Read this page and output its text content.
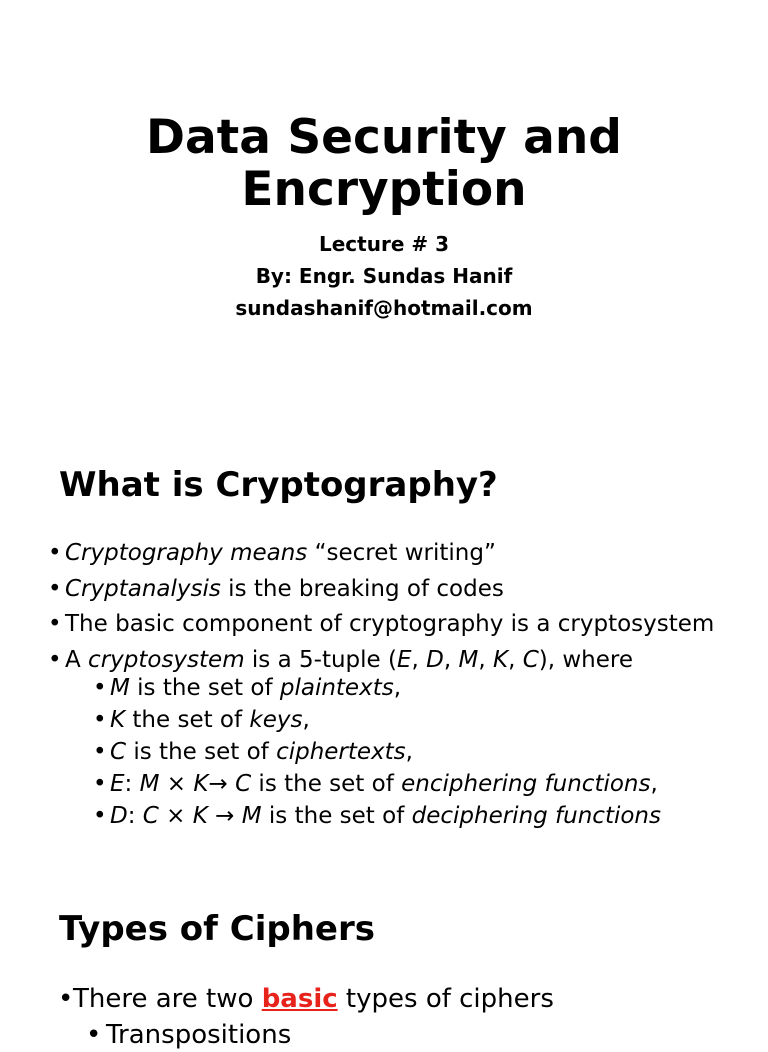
Data Security and
Encryption
Lecture # 3
By: Engr. Sundas Hanif
sundashanif@hotmail.com
What is Cryptography?
• Cryptography means “secret writing”
• Cryptanalysis is the breaking of codes
• The basic component of cryptography is a cryptosystem
• A cryptosystem is a 5-tuple (E, D, M, K, C), where
• M is the set of plaintexts,
• K the set of keys,
• C is the set of ciphertexts,
• E: M × K→ C is the set of enciphering functions,
• D: C × K → M is the set of deciphering functions
Types of Ciphers
• There are two basic types of ciphers
• Transpositions
